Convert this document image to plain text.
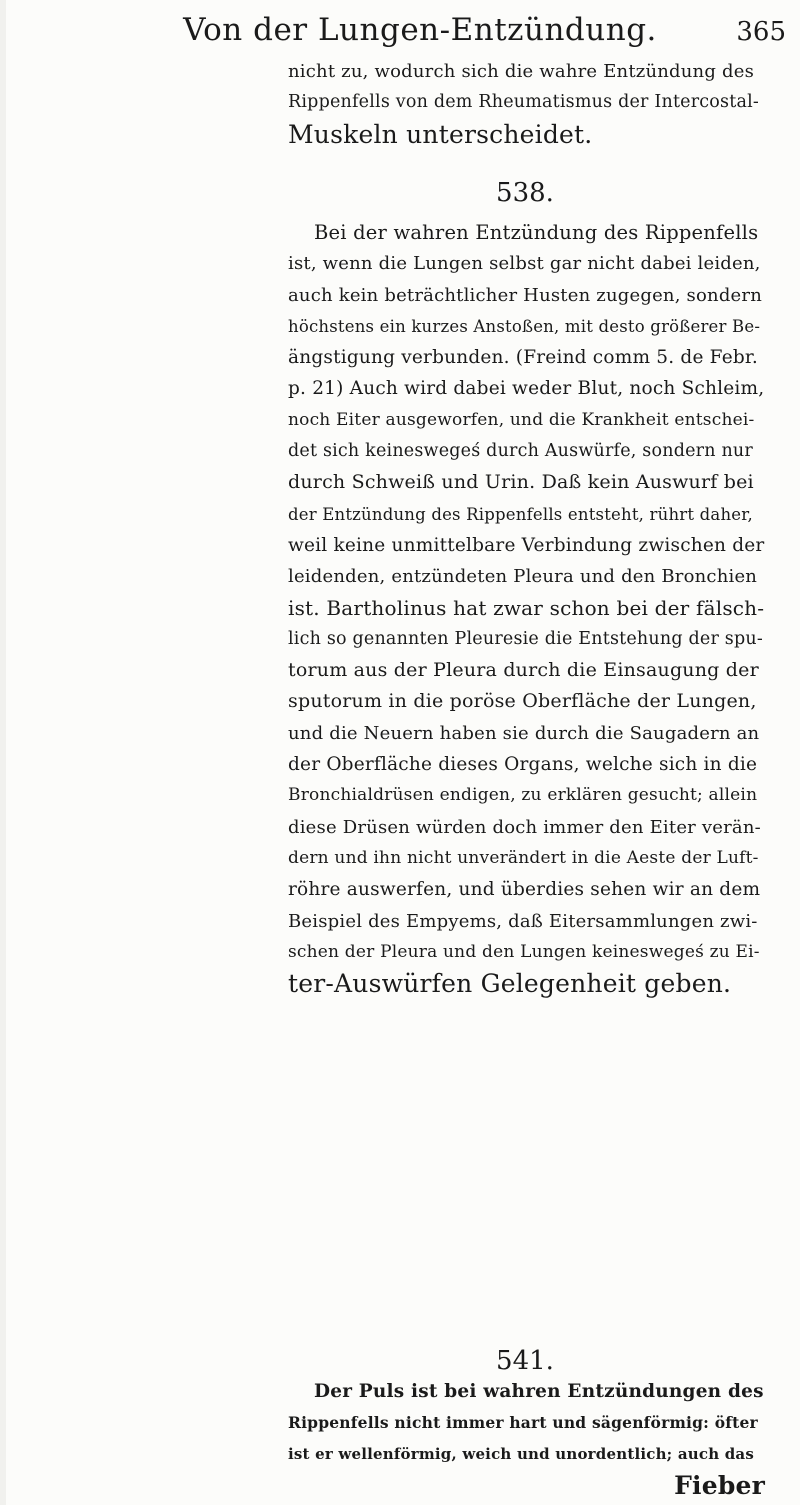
Von der Lungen-Entzündung.	365
nicht zu, wodurch sich die wahre Entzündung des
Rippenfells von dem Rheumatismus der Intercostal-
Muskeln unterscheidet.
538.
Bei der wahren Entzündung des Rippenfells
ist, wenn die Lungen selbst gar nicht dabei leiden,
auch kein beträchtlicher Husten zugegen, sondern
höchstens ein kurzes Anstoßen, mit desto größerer Be-
ängstigung verbunden. (Freind comm 5. de Febr.
p. 21) Auch wird dabei weder Blut, noch Schleim,
noch Eiter ausgeworfen, und die Krankheit entschei-
det sich keineswegeś durch Auswürfe, sondern nur
durch Schweiß und Urin. Daß kein Auswurf bei
der Entzündung des Rippenfells entsteht, rührt daher,
weil keine unmittelbare Verbindung zwischen der
leidenden, entzündeten Pleura und den Bronchien
ist. Bartholinus hat zwar schon bei der fälsch-
lich so genannten Pleuresie die Entstehung der spu-
torum aus der Pleura durch die Einsaugung der
sputorum in die poröse Oberfläche der Lungen,
und die Neuern haben sie durch die Saugadern an
der Oberfläche dieses Organs, welche sich in die
Bronchialdrüsen endigen, zu erklären gesucht; allein
diese Drüsen würden doch immer den Eiter verän-
dern und ihn nicht unverändert in die Aeste der Luft-
röhre auswerfen, und überdies sehen wir an dem
Beispiel des Empyems, daß Eitersammlungen zwi-
schen der Pleura und den Lungen keineswegeś zu Ei-
ter-Auswürfen Gelegenheit geben.
541.
Der Puls ist bei wahren Entzündungen des
Rippenfells nicht immer hart und sägenförmig: öfter
ist er wellenförmig, weich und unordentlich; auch das
Fieber
